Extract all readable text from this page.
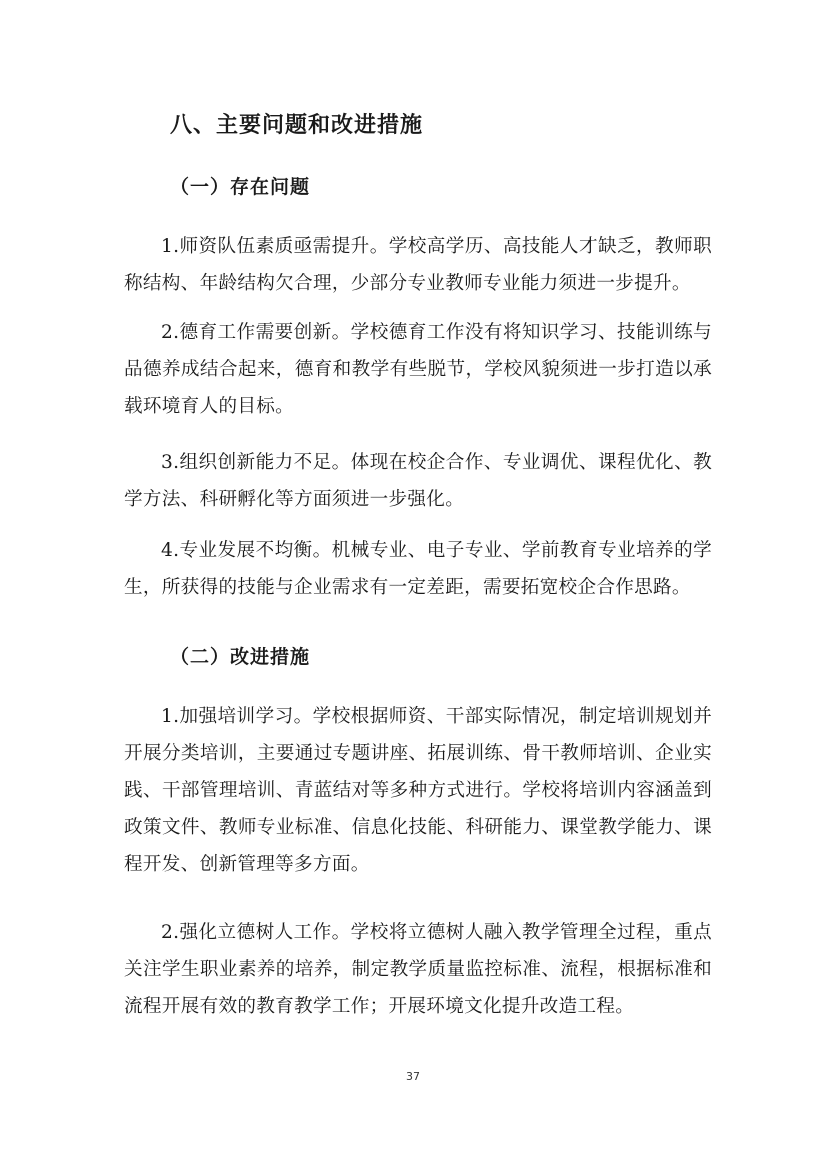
八、主要问题和改进措施
（一）存在问题
1.师资队伍素质亟需提升。学校高学历、高技能人才缺乏，教师职
称结构、年龄结构欠合理，少部分专业教师专业能力须进一步提升。
2.德育工作需要创新。学校德育工作没有将知识学习、技能训练与
品德养成结合起来，德育和教学有些脱节，学校风貌须进一步打造以承
载环境育人的目标。
3.组织创新能力不足。体现在校企合作、专业调优、课程优化、教
学方法、科研孵化等方面须进一步强化。
4.专业发展不均衡。机械专业、电子专业、学前教育专业培养的学
生，所获得的技能与企业需求有一定差距，需要拓宽校企合作思路。
（二）改进措施
1.加强培训学习。学校根据师资、干部实际情况，制定培训规划并
开展分类培训，主要通过专题讲座、拓展训练、骨干教师培训、企业实
践、干部管理培训、青蓝结对等多种方式进行。学校将培训内容涵盖到
政策文件、教师专业标准、信息化技能、科研能力、课堂教学能力、课
程开发、创新管理等多方面。
2.强化立德树人工作。学校将立德树人融入教学管理全过程，重点
关注学生职业素养的培养，制定教学质量监控标准、流程，根据标准和
流程开展有效的教育教学工作；开展环境文化提升改造工程。
37
